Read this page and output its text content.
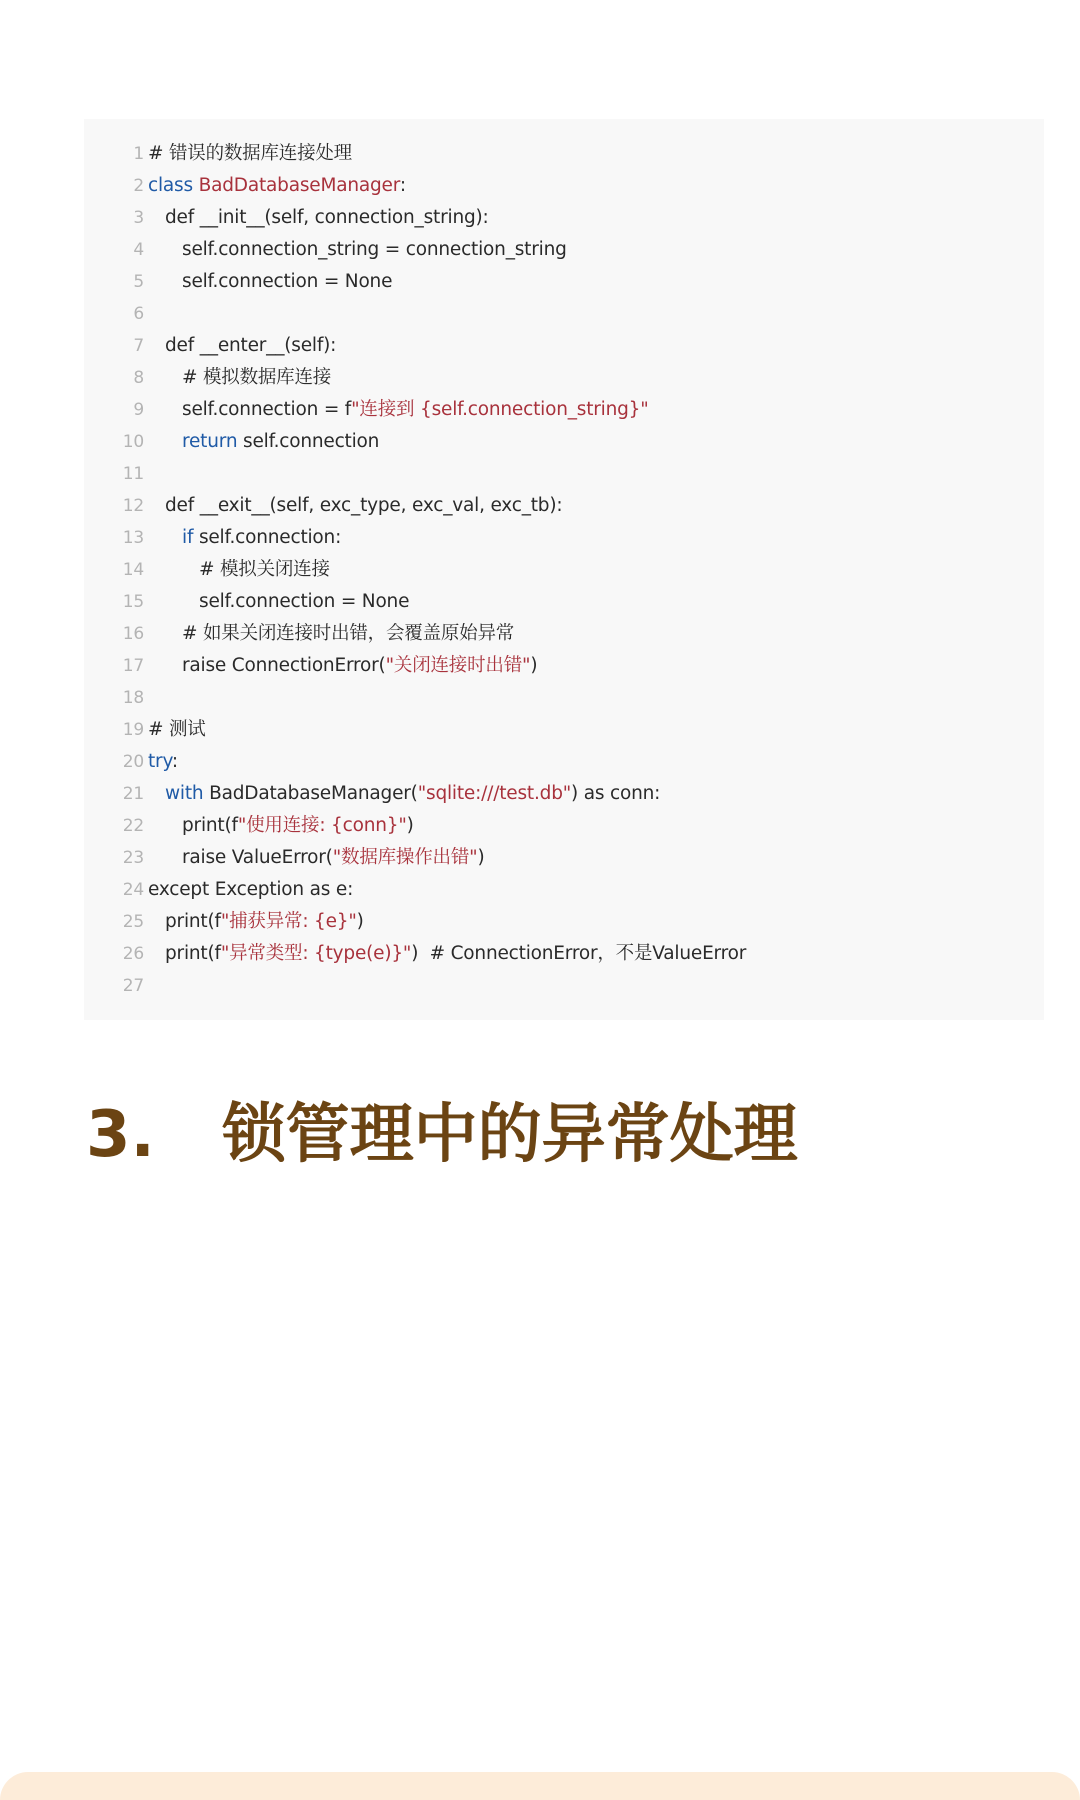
1 # 错误的数据库连接处理
2 class BadDatabaseManager:
3 def __init__(self, connection_string):
4 self.connection_string = connection_string
5 self.connection = None
6
7 def __enter__(self):
8 # 模拟数据库连接
9 self.connection = f"连接到 {self.connection_string}"
10 return self.connection
11
12 def __exit__(self, exc_type, exc_val, exc_tb):
13 if self.connection:
14	# 模拟关闭连接
15	self.connection = None
16 # 如果关闭连接时出错，会覆盖原始异常
17 raise ConnectionError("关闭连接时出错")
18
19 # 测试
20 try:
21 with BadDatabaseManager("sqlite:///test.db") as conn:
22 print(f"使用连接: {conn}")
23 raise ValueError("数据库操作出错")
24 except Exception as e:
25 print(f"捕获异常: {e}")
26 print(f"异常类型: {type(e)}")  # ConnectionError，不是ValueError
27
3. 锁管理中的异常处理
